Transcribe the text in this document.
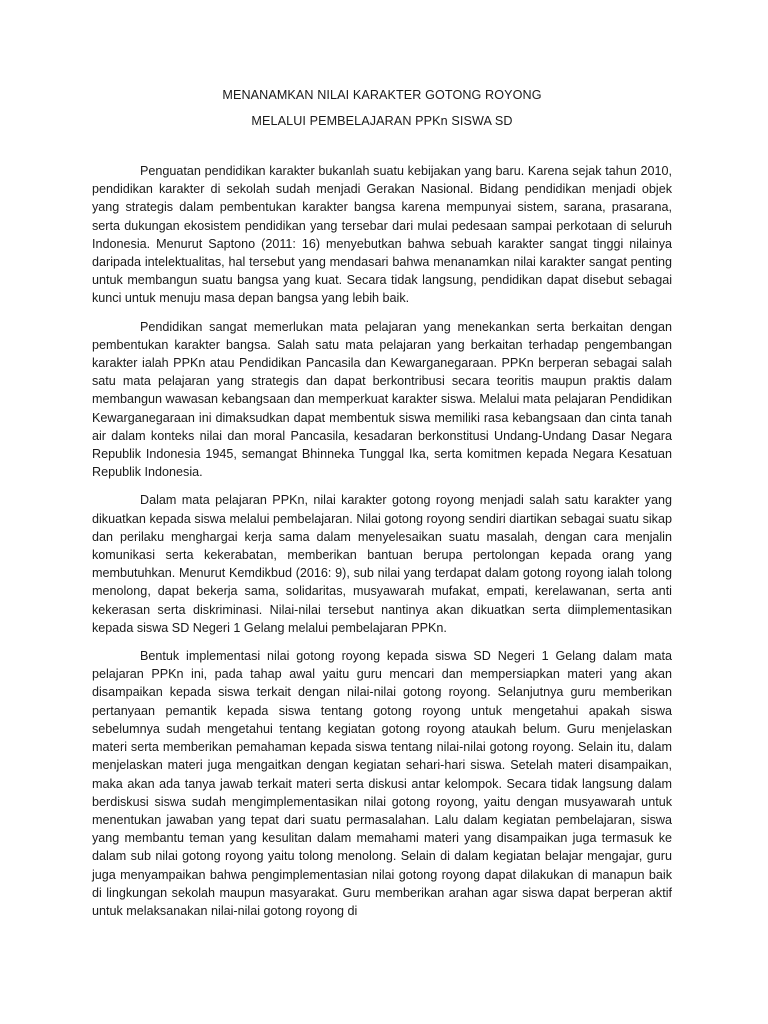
MENANAMKAN NILAI KARAKTER GOTONG ROYONG
MELALUI PEMBELAJARAN PPKn SISWA SD

Penguatan pendidikan karakter bukanlah suatu kebijakan yang baru. Karena sejak tahun 2010, pendidikan karakter di sekolah sudah menjadi Gerakan Nasional. Bidang pendidikan menjadi objek yang strategis dalam pembentukan karakter bangsa karena mempunyai sistem, sarana, prasarana, serta dukungan ekosistem pendidikan yang tersebar dari mulai pedesaan sampai perkotaan di seluruh Indonesia. Menurut Saptono (2011: 16) menyebutkan bahwa sebuah karakter sangat tinggi nilainya daripada intelektualitas, hal tersebut yang mendasari bahwa menanamkan nilai karakter sangat penting untuk membangun suatu bangsa yang kuat. Secara tidak langsung, pendidikan dapat disebut sebagai kunci untuk menuju masa depan bangsa yang lebih baik.

Pendidikan sangat memerlukan mata pelajaran yang menekankan serta berkaitan dengan pembentukan karakter bangsa. Salah satu mata pelajaran yang berkaitan terhadap pengembangan karakter ialah PPKn atau Pendidikan Pancasila dan Kewarganegaraan. PPKn berperan sebagai salah satu mata pelajaran yang strategis dan dapat berkontribusi secara teoritis maupun praktis dalam membangun wawasan kebangsaan dan memperkuat karakter siswa. Melalui mata pelajaran Pendidikan Kewarganegaraan ini dimaksudkan dapat membentuk siswa memiliki rasa kebangsaan dan cinta tanah air dalam konteks nilai dan moral Pancasila, kesadaran berkonstitusi Undang-Undang Dasar Negara Republik Indonesia 1945, semangat Bhinneka Tunggal Ika, serta komitmen kepada Negara Kesatuan Republik Indonesia.

Dalam mata pelajaran PPKn, nilai karakter gotong royong menjadi salah satu karakter yang dikuatkan kepada siswa melalui pembelajaran. Nilai gotong royong sendiri diartikan sebagai suatu sikap dan perilaku menghargai kerja sama dalam menyelesaikan suatu masalah, dengan cara menjalin komunikasi serta kekerabatan, memberikan bantuan berupa pertolongan kepada orang yang membutuhkan. Menurut Kemdikbud (2016: 9), sub nilai yang terdapat dalam gotong royong ialah tolong menolong, dapat bekerja sama, solidaritas, musyawarah mufakat, empati, kerelawanan, serta anti kekerasan serta diskriminasi. Nilai-nilai tersebut nantinya akan dikuatkan serta diimplementasikan kepada siswa SD Negeri 1 Gelang melalui pembelajaran PPKn.

Bentuk implementasi nilai gotong royong kepada siswa SD Negeri 1 Gelang dalam mata pelajaran PPKn ini, pada tahap awal yaitu guru mencari dan mempersiapkan materi yang akan disampaikan kepada siswa terkait dengan nilai-nilai gotong royong. Selanjutnya guru memberikan pertanyaan pemantik kepada siswa tentang gotong royong untuk mengetahui apakah siswa sebelumnya sudah mengetahui tentang kegiatan gotong royong ataukah belum. Guru menjelaskan materi serta memberikan pemahaman kepada siswa tentang nilai-nilai gotong royong. Selain itu, dalam menjelaskan materi juga mengaitkan dengan kegiatan sehari-hari siswa. Setelah materi disampaikan, maka akan ada tanya jawab terkait materi serta diskusi antar kelompok. Secara tidak langsung dalam berdiskusi siswa sudah mengimplementasikan nilai gotong royong, yaitu dengan musyawarah untuk menentukan jawaban yang tepat dari suatu permasalahan. Lalu dalam kegiatan pembelajaran, siswa yang membantu teman yang kesulitan dalam memahami materi yang disampaikan juga termasuk ke dalam sub nilai gotong royong yaitu tolong menolong. Selain di dalam kegiatan belajar mengajar, guru juga menyampaikan bahwa pengimplementasian nilai gotong royong dapat dilakukan di manapun baik di lingkungan sekolah maupun masyarakat. Guru memberikan arahan agar siswa dapat berperan aktif untuk melaksanakan nilai-nilai gotong royong di
